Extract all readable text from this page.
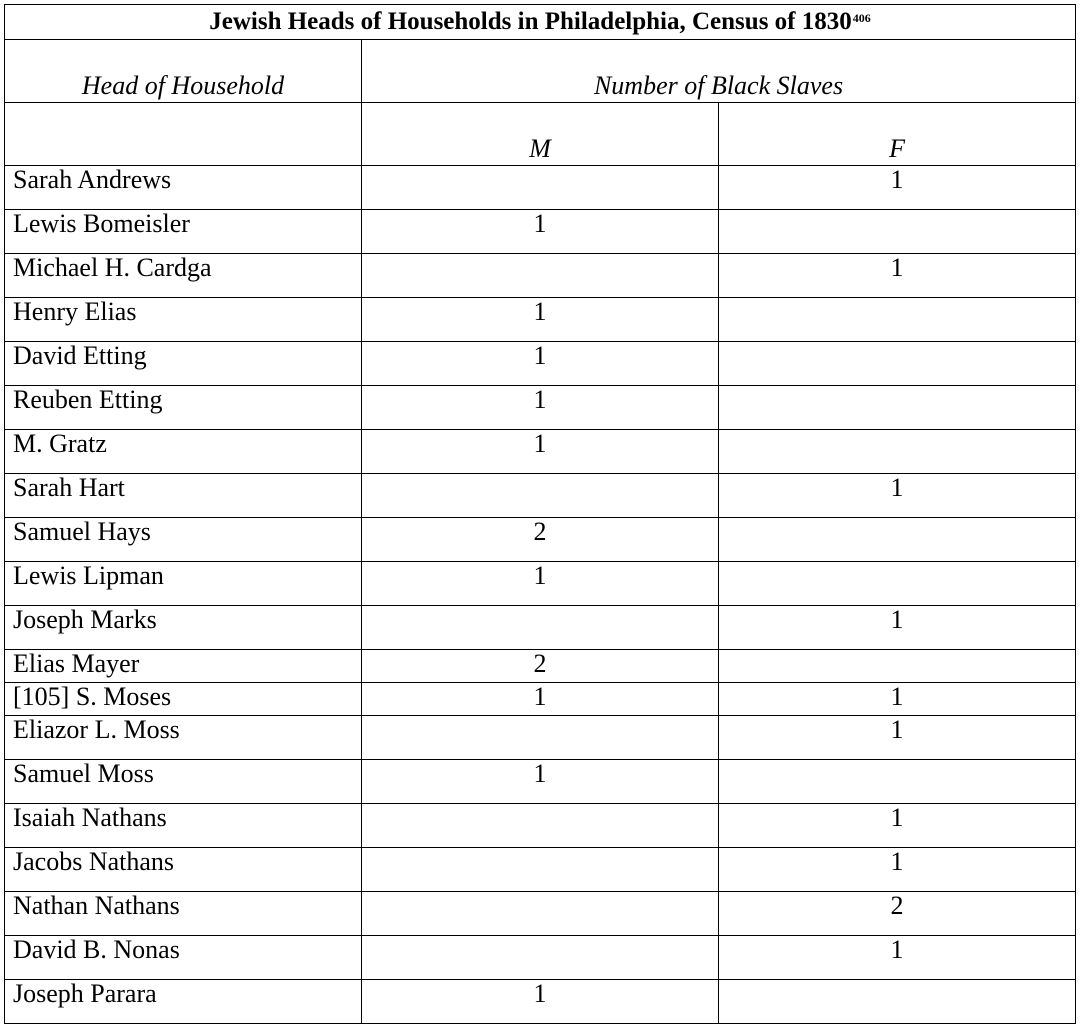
Jewish Heads of Households in Philadelphia, Census of 1830$^{406}$
Head of Household	Number of Black Slaves	
	M	F
Sarah Andrews		1
Lewis Bomeisler	1	
Michael H. Cardga		1
Henry Elias	1	
David Etting	1	
Reuben Etting	1	
M. Gratz	1	
Sarah Hart		1
Samuel Hays	2	
Lewis Lipman	1	
Joseph Marks		1
Elias Mayer	2	
[105] S. Moses	1	1
Eliazor L. Moss		1
Samuel Moss	1	
Isaiah Nathans		1
Jacobs Nathans		1
Nathan Nathans		2
David B. Nonas		1
Joseph Parara	1	
